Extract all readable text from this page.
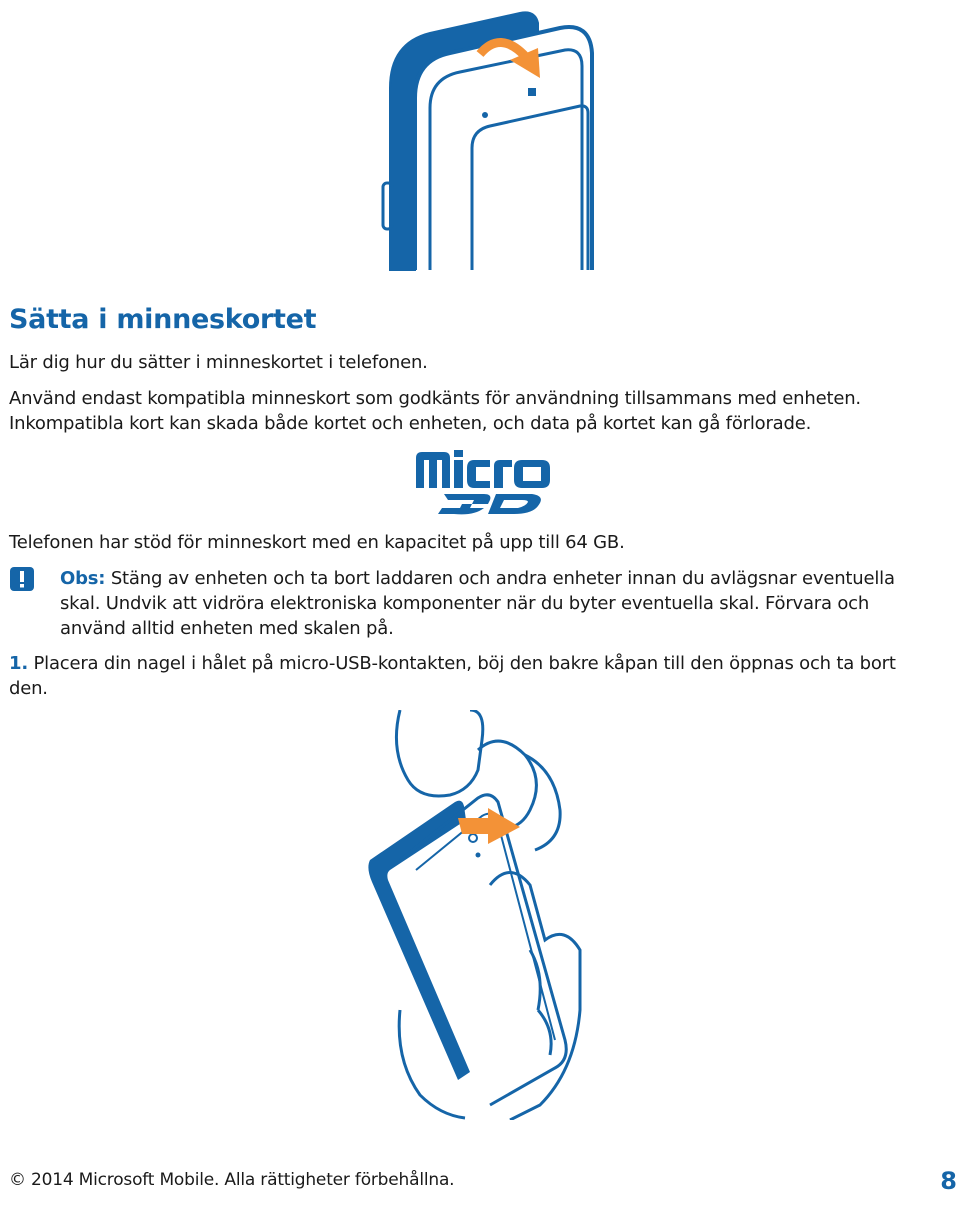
Sätta i minneskortet
Lär dig hur du sätter i minneskortet i telefonen.
Använd endast kompatibla minneskort som godkänts för användning tillsammans med enheten.
Inkompatibla kort kan skada både kortet och enheten, och data på kortet kan gå förlorade.
Telefonen har stöd för minneskort med en kapacitet på upp till 64 GB.
Obs: Stäng av enheten och ta bort laddaren och andra enheter innan du avlägsnar eventuella
skal. Undvik att vidröra elektroniska komponenter när du byter eventuella skal. Förvara och
använd alltid enheten med skalen på.
1. Placera din nagel i hålet på micro-USB-kontakten, böj den bakre kåpan till den öppnas och ta bort
den.
© 2014 Microsoft Mobile. Alla rättigheter förbehållna.	8
